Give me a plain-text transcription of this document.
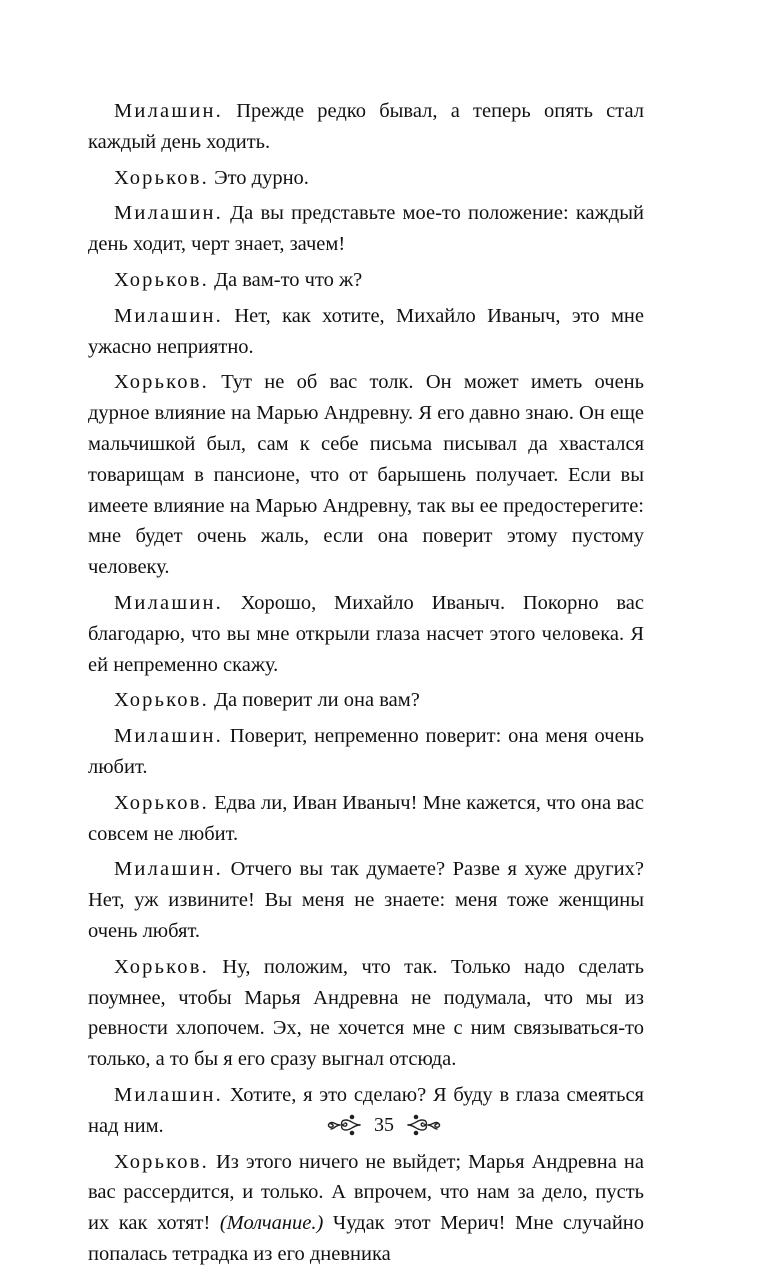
Милашин. Прежде редко бывал, а теперь опять стал каждый день ходить.

Хорьков. Это дурно.

Милашин. Да вы представьте мое-то положение: каждый день ходит, черт знает, зачем!

Хорьков. Да вам-то что ж?

Милашин. Нет, как хотите, Михайло Иваныч, это мне ужасно неприятно.

Хорьков. Тут не об вас толк. Он может иметь очень дурное влияние на Марью Андревну. Я его давно знаю. Он еще мальчишкой был, сам к себе письма писывал да хвастался товарищам в пансионе, что от барышень получает. Если вы имеете влияние на Марью Андревну, так вы ее предостерегите: мне будет очень жаль, если она поверит этому пустому человеку.

Милашин. Хорошо, Михайло Иваныч. Покорно вас благодарю, что вы мне открыли глаза насчет этого человека. Я ей непременно скажу.

Хорьков. Да поверит ли она вам?

Милашин. Поверит, непременно поверит: она меня очень любит.

Хорьков. Едва ли, Иван Иваныч! Мне кажется, что она вас совсем не любит.

Милашин. Отчего вы так думаете? Разве я хуже других? Нет, уж извините! Вы меня не знаете: меня тоже женщины очень любят.

Хорьков. Ну, положим, что так. Только надо сделать поумнее, чтобы Марья Андревна не подумала, что мы из ревности хлопочем. Эх, не хочется мне с ним связываться-то только, а то бы я его сразу выгнал отсюда.

Милашин. Хотите, я это сделаю? Я буду в глаза смеяться над ним.

Хорьков. Из этого ничего не выйдет; Марья Андревна на вас рассердится, и только. А впрочем, что нам за дело, пусть их как хотят! (Молчание.) Чудак этот Мерич! Мне случайно попалась тетрадка из его дневника

35
